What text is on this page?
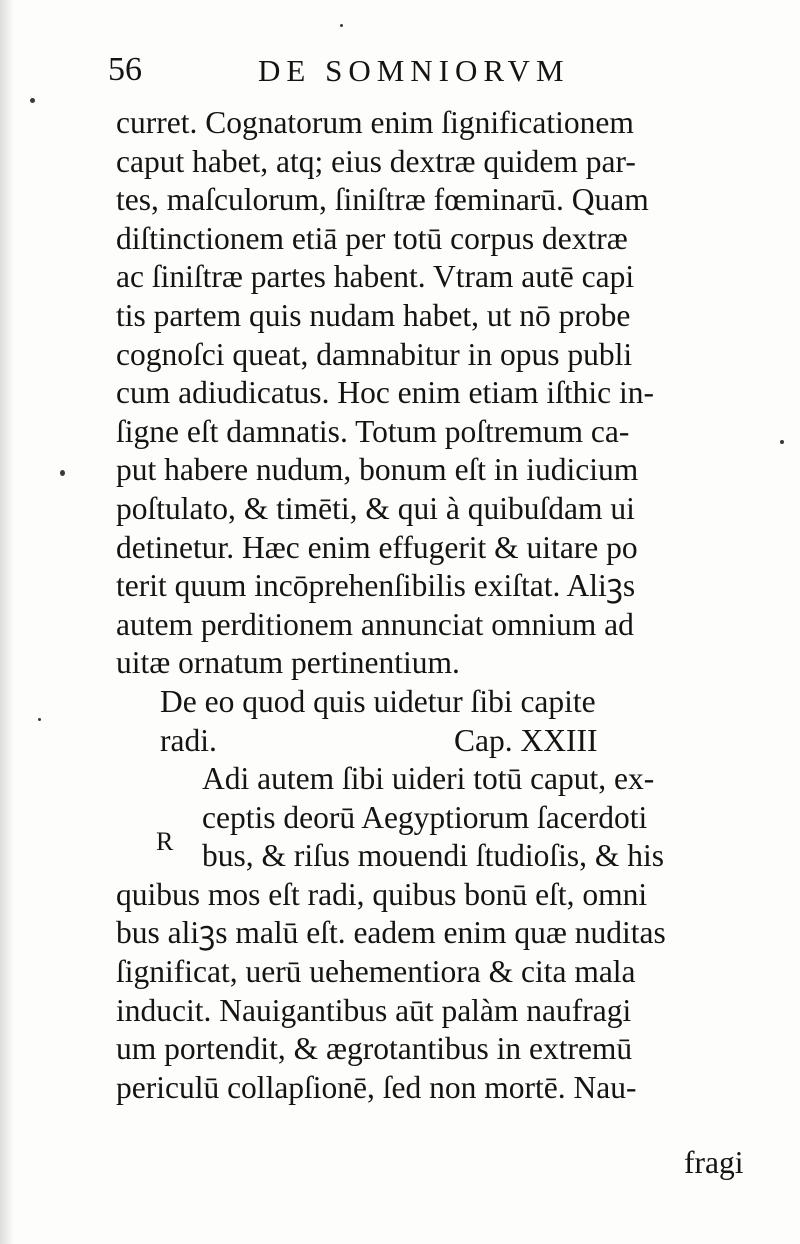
56	DE SOMNIORVM
curret. Cognatorum enim ſignificationem
caput habet, atq; eius dextræ quidem par-
tes, maſculorum, ſiniſtræ fœminarū. Quam
diſtinctionem etiā per totū corpus dextræ
ac ſiniſtræ partes habent. Vtram autē capi
tis partem quis nudam habet, ut nō probe
cognoſci queat, damnabitur in opus publi
cum adiudicatus. Hoc enim etiam iſthic in-
ſigne eſt damnatis. Totum poſtremum ca-
put habere nudum, bonum eſt in iudicium
poſtulato, & timēti, & qui à quibuſdam ui
detinetur. Hæc enim effugerit & uitare po
terit quum incōprehenſibilis exiſtat. Aliꝫs
autem perditionem annunciat omnium ad
uitæ ornatum pertinentium.
De eo quod quis uidetur ſibi capite
radi.	Cap. XXIII
Adi autem ſibi uideri totū caput, ex-
ceptis deorū Aegyptiorum ſacerdoti
bus, & riſus mouendi ſtudioſis, & his
quibus mos eſt radi, quibus bonū eſt, omni
bus aliꝫs malū eſt. eadem enim quæ nuditas
ſignificat, uerū uehementiora & cita mala
inducit. Nauigantibus aūt palàm naufragi
um portendit, & ægrotantibus in extremū
periculū collapſionē, ſed non mortē. Nau-
R
fragi
